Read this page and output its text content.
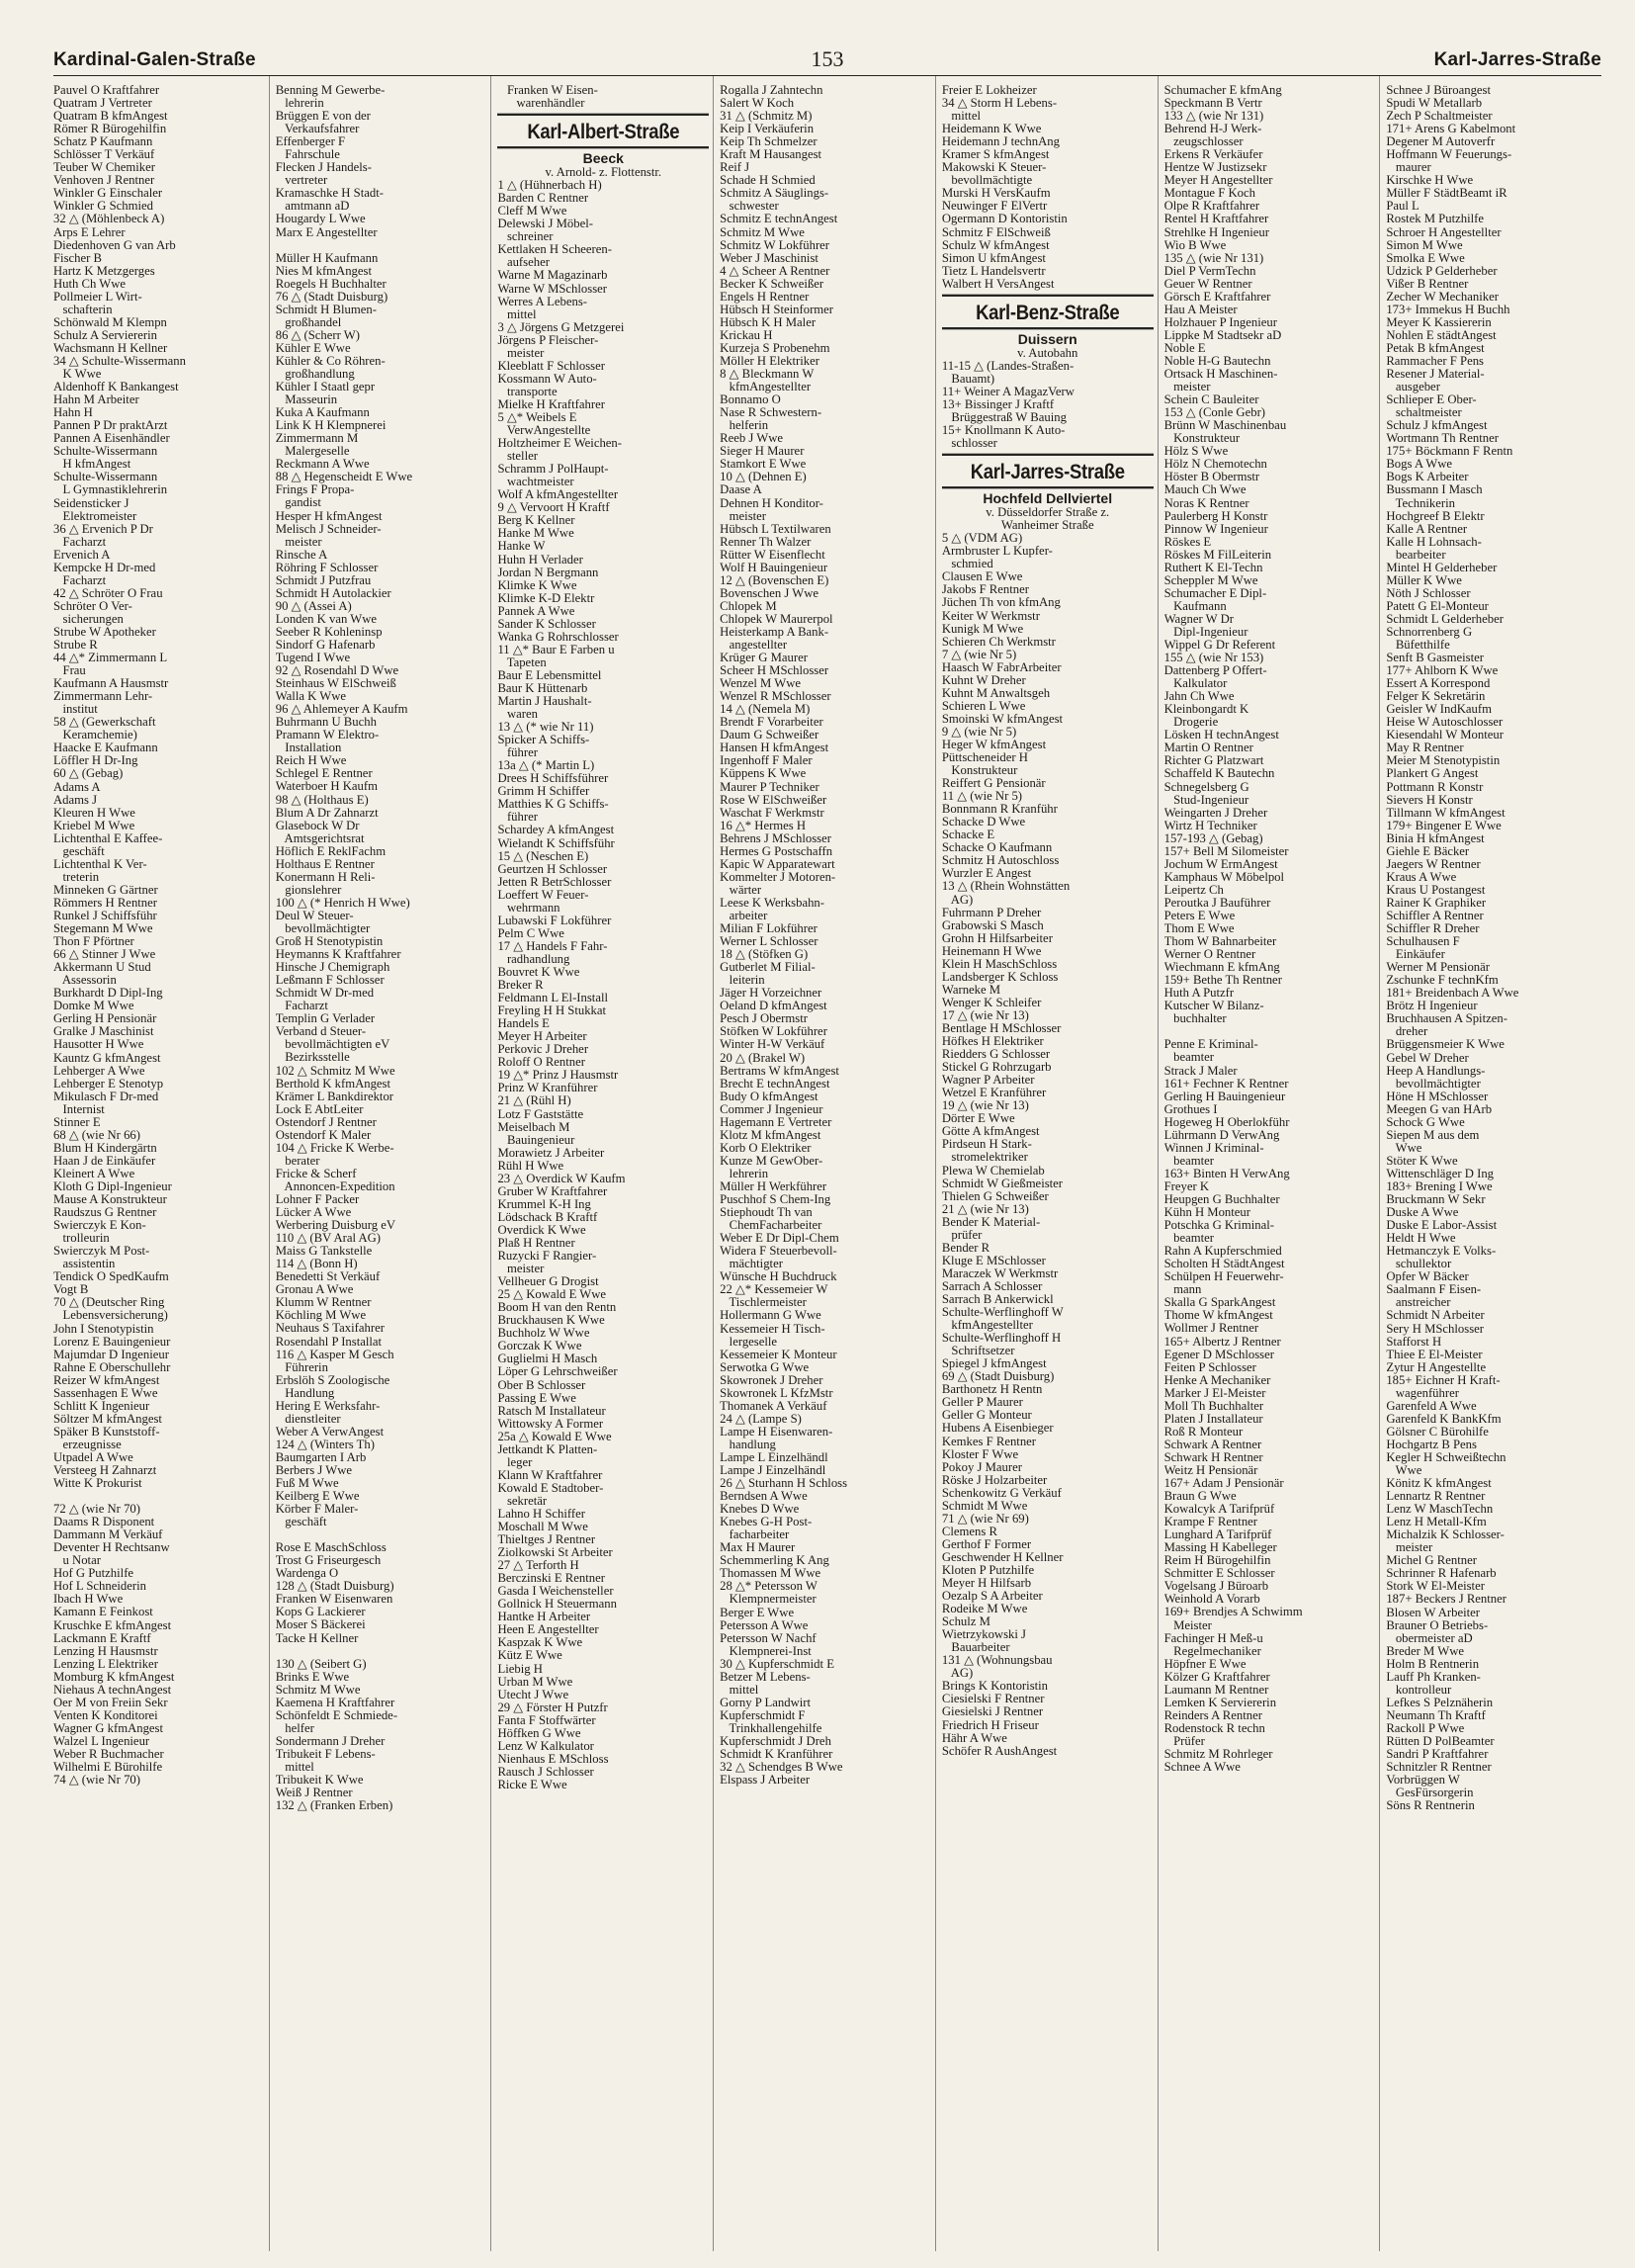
Kardinal-Galen-Straße	153	Karl-Jarres-Straße
Pauvel O Kraftfahrer
Quatram J Vertreter
Quatram B kfmAngest
Römer R Bürogehilfin
Schatz P Kaufmann
Schlösser T Verkäuf
Teuber W Chemiker
Venhoven J Rentner
Winkler G Einschaler
Winkler G Schmied
32 △ (Möhlenbeck A)
Arps E Lehrer
Diedenhoven G van Arb
Fischer B
Hartz K Metzgerges
Huth Ch Wwe
Pollmeier L Wirt-
schafterin
Schönwald M Klempn
Schulz A Serviererin
Wachsmann H Kellner
34 △ Schulte-Wissermann
K Wwe
Aldenhoff K Bankangest
Hahn M Arbeiter
Hahn H
Pannen P Dr praktArzt
Pannen A Eisenhändler
Schulte-Wissermann
H kfmAngest
Schulte-Wissermann
L Gymnastiklehrerin
Seidensticker J
Elektromeister
36 △ Ervenich P Dr
Facharzt
Ervenich A
Kempcke H Dr-med
Facharzt
42 △ Schröter O Frau
Schröter O Ver-
sicherungen
Strube W Apotheker
Strube R
44 △* Zimmermann L
Frau
Kaufmann A Hausmstr
Zimmermann Lehr-
institut
58 △ (Gewerkschaft
Keramchemie)
Haacke E Kaufmann
Löffler H Dr-Ing
60 △ (Gebag)
Adams A
Adams J
Kleuren H Wwe
Kriebel M Wwe
Lichtenthal E Kaffee-
geschäft
Lichtenthal K Ver-
treterin
Minneken G Gärtner
Römmers H Rentner
Runkel J Schiffsführ
Stegemann M Wwe
Thon F Pförtner
66 △ Stinner J Wwe
Akkermann U Stud
Assessorin
Burkhardt D Dipl-Ing
Domke M Wwe
Gerling H Pensionär
Gralke J Maschinist
Hausotter H Wwe
Kauntz G kfmAngest
Lehberger A Wwe
Lehberger E Stenotyp
Mikulasch F Dr-med
Internist
Stinner E
68 △ (wie Nr 66)
Blum H Kindergärtn
Haan J de Einkäufer
Kleinert A Wwe
Kloth G Dipl-Ingenieur
Mause A Konstrukteur
Raudszus G Rentner
Swierczyk E Kon-
trolleurin
Swierczyk M Post-
assistentin
Tendick O SpedKaufm
Vogt B
70 △ (Deutscher Ring
Lebensversicherung)
John I Stenotypistin
Lorenz E Bauingenieur
Majumdar D Ingenieur
Rahne E Oberschullehr
Reizer W kfmAngest
Sassenhagen E Wwe
Schlitt K Ingenieur
Söltzer M kfmAngest
Späker B Kunststoff-
erzeugnisse
Utpadel A Wwe
Versteeg H Zahnarzt
Witte K Prokurist
72 △ (wie Nr 70)
Daams R Disponent
Dammann M Verkäuf
Deventer H Rechtsanw
u Notar
Hof G Putzhilfe
Hof L Schneiderin
Ibach H Wwe
Kamann E Feinkost
Kruschke E kfmAngest
Lackmann E Kraftf
Lenzing H Hausmstr
Lenzing L Elektriker
Momburg K kfmAngest
Niehaus A technAngest
Oer M von Freiin Sekr
Venten K Konditorei
Wagner G kfmAngest
Walzel L Ingenieur
Weber R Buchmacher
Wilhelmi E Bürohilfe
74 △ (wie Nr 70)
Benning M Gewerbe-
lehrerin
Brüggen E von der
Verkaufsfahrer
Effenberger F
Fahrschule
Flecken J Handels-
vertreter
Kramaschke H Stadt-
amtmann aD
Hougardy L Wwe
Marx E Angestellter
Müller H Kaufmann
Nies M kfmAngest
Roegels H Buchhalter
76 △ (Stadt Duisburg)
Schmidt H Blumen-
großhandel
86 △ (Scherr W)
Kühler E Wwe
Kühler & Co Röhren-
großhandlung
Kühler I Staatl gepr
Masseurin
Kuka A Kaufmann
Link K H Klempnerei
Zimmermann M
Malergeselle
Reckmann A Wwe
88 △ Hegenscheidt E Wwe
Frings F Propa-
gandist
Hesper H kfmAngest
Melisch J Schneider-
meister
Rinsche A
Röhring F Schlosser
Schmidt J Putzfrau
Schmidt H Autolackier
90 △ (Assei A)
Londen K van Wwe
Seeber R Kohleninsp
Sindorf G Hafenarb
Tugend I Wwe
92 △ Rosendahl D Wwe
Steinhaus W ElSchweiß
Walla K Wwe
96 △ Ahlemeyer A Kaufm
Buhrmann U Buchh
Pramann W Elektro-
Installation
Reich H Wwe
Schlegel E Rentner
Waterboer H Kaufm
98 △ (Holthaus E)
Blum A Dr Zahnarzt
Glasebock W Dr
Amtsgerichtsrat
Höflich E ReklFachm
Holthaus E Rentner
Konermann H Reli-
gionslehrer
100 △ (* Henrich H Wwe)
Deul W Steuer-
bevollmächtigter
Groß H Stenotypistin
Heymanns K Kraftfahrer
Hinsche J Chemigraph
Leßmann F Schlosser
Schmidt W Dr-med
Facharzt
Templin G Verlader
Verband d Steuer-
bevollmächtigten eV
Bezirksstelle
102 △ Schmitz M Wwe
Berthold K kfmAngest
Krämer L Bankdirektor
Lock E AbtLeiter
Ostendorf J Rentner
Ostendorf K Maler
104 △ Fricke K Werbe-
berater
Fricke & Scherf
Annoncen-Expedition
Lohner F Packer
Lücker A Wwe
Werbering Duisburg eV
110 △ (BV Aral AG)
Maiss G Tankstelle
114 △ (Bonn H)
Benedetti St Verkäuf
Gronau A Wwe
Klumm W Rentner
Köchling M Wwe
Neuhaus S Taxifahrer
Rosendahl P Installat
116 △ Kasper M Gesch
Führerin
Erbslöh S Zoologische
Handlung
Hering E Werksfahr-
dienstleiter
Weber A VerwAngest
124 △ (Winters Th)
Baumgarten I Arb
Berbers J Wwe
Fuß M Wwe
Keilberg E Wwe
Körber F Maler-
geschäft
Rose E MaschSchloss
Trost G Friseurgesch
Wardenga O
128 △ (Stadt Duisburg)
Franken W Eisenwaren
Kops G Lackierer
Moser S Bäckerei
Tacke H Kellner
130 △ (Seibert G)
Brinks E Wwe
Schmitz M Wwe
Kaemena H Kraftfahrer
Schönfeldt E Schmiede-
helfer
Sondermann J Dreher
Tribukeit F Lebens-
mittel
Tribukeit K Wwe
Weiß J Rentner
132 △ (Franken Erben)
Franken W Eisen-
warenhändler
Karl-Albert-Straße
Beeck
v. Arnold- z. Flottenstr.
1 △ (Hühnerbach H)
Barden C Rentner
Cleff M Wwe
Delewski J Möbel-
schreiner
Kettlaken H Scheeren-
aufseher
Warne M Magazinarb
Warne W MSchlosser
Werres A Lebens-
mittel
3 △ Jörgens G Metzgerei
Jörgens P Fleischer-
meister
Kleeblatt F Schlosser
Kossmann W Auto-
transporte
Mielke H Kraftfahrer
5 △* Weibels E
VerwAngestellte
Holtzheimer E Weichen-
steller
Schramm J PolHaupt-
wachtmeister
Wolf A kfmAngestellter
9 △ Vervoort H Kraftf
Berg K Kellner
Hanke M Wwe
Hanke W
Huhn H Verlader
Jordan N Bergmann
Klimke K Wwe
Klimke K-D Elektr
Pannek A Wwe
Sander K Schlosser
Wanka G Rohrschlosser
11 △* Baur E Farben u
Tapeten
Baur E Lebensmittel
Baur K Hüttenarb
Martin J Haushalt-
waren
13 △ (* wie Nr 11)
Spicker A Schiffs-
führer
13a △ (* Martin L)
Drees H Schiffsführer
Grimm H Schiffer
Matthies K G Schiffs-
führer
Schardey A kfmAngest
Wielandt K Schiffsführ
15 △ (Neschen E)
Geurtzen H Schlosser
Jetten R BetrSchlosser
Loeffert W Feuer-
wehrmann
Lubawski F Lokführer
Pelm C Wwe
17 △ Handels F Fahr-
radhandlung
Bouvret K Wwe
Breker R
Feldmann L El-Install
Freyling H H Stukkat
Handels E
Meyer H Arbeiter
Perkovic J Dreher
Roloff O Rentner
19 △* Prinz J Hausmstr
Prinz W Kranführer
21 △ (Rühl H)
Lotz F Gaststätte
Meiselbach M
Bauingenieur
Morawietz J Arbeiter
Rühl H Wwe
23 △ Overdick W Kaufm
Gruber W Kraftfahrer
Krummel K-H Ing
Lödschack B Kraftf
Overdick K Wwe
Plaß H Rentner
Ruzycki F Rangier-
meister
Vellheuer G Drogist
25 △ Kowald E Wwe
Boom H van den Rentn
Bruckhausen K Wwe
Buchholz W Wwe
Gorczak K Wwe
Guglielmi H Masch
Löper G Lehrschweißer
Ober B Schlosser
Passing E Wwe
Ratsch M Installateur
Wittowsky A Former
25a △ Kowald E Wwe
Jettkandt K Platten-
leger
Klann W Kraftfahrer
Kowald E Stadtober-
sekretär
Lahno H Schiffer
Moschall M Wwe
Thieltges J Rentner
Ziolkowski St Arbeiter
27 △ Terforth H
Berczinski E Rentner
Gasda I Weichensteller
Gollnick H Steuermann
Hantke H Arbeiter
Heen E Angestellter
Kaspzak K Wwe
Kütz E Wwe
Liebig H
Urban M Wwe
Utecht J Wwe
29 △ Förster H Putzfr
Fanta F Stoffwärter
Höffken G Wwe
Lenz W Kalkulator
Nienhaus E MSchloss
Rausch J Schlosser
Ricke E Wwe
Rogalla J Zahntechn
Salert W Koch
31 △ (Schmitz M)
Keip I Verkäuferin
Keip Th Schmelzer
Kraft M Hausangest
Reif J
Schade H Schmied
Schmitz A Säuglings-
schwester
Schmitz E technAngest
Schmitz M Wwe
Schmitz W Lokführer
Weber J Maschinist
4 △ Scheer A Rentner
Becker K Schweißer
Engels H Rentner
Hübsch H Steinformer
Hübsch K H Maler
Krickau H
Kurzeja S Probenehm
Möller H Elektriker
8 △ Bleckmann W
kfmAngestellter
Bonnamo O
Nase R Schwestern-
helferin
Reeb J Wwe
Sieger H Maurer
Stamkort E Wwe
10 △ (Dehnen E)
Daase A
Dehnen H Konditor-
meister
Hübsch L Textilwaren
Renner Th Walzer
Rütter W Eisenflecht
Wolf H Bauingenieur
12 △ (Bovenschen E)
Bovenschen J Wwe
Chlopek M
Chlopek W Maurerpol
Heisterkamp A Bank-
angestellter
Krüger G Maurer
Scheer H MSchlosser
Wenzel M Wwe
Wenzel R MSchlosser
14 △ (Nemela M)
Brendt F Vorarbeiter
Daum G Schweißer
Hansen H kfmAngest
Ingenhoff F Maler
Küppens K Wwe
Maurer P Techniker
Rose W ElSchweißer
Waschat F Werkmstr
16 △* Hermes H
Behrens J MSchlosser
Hermes G Postschaffn
Kapic W Apparatewart
Kommelter J Motoren-
wärter
Leese K Werksbahn-
arbeiter
Milian F Lokführer
Werner L Schlosser
18 △ (Stöfken G)
Gutberlet M Filial-
leiterin
Jäger H Vorzeichner
Oeland D kfmAngest
Pesch J Obermstr
Stöfken W Lokführer
Winter H-W Verkäuf
20 △ (Brakel W)
Bertrams W kfmAngest
Brecht E technAngest
Budy O kfmAngest
Commer J Ingenieur
Hagemann E Vertreter
Klotz M kfmAngest
Korb O Elektriker
Kunze M GewOber-
lehrerin
Müller H Werkführer
Puschhof S Chem-Ing
Stiephoudt Th van
ChemFacharbeiter
Weber E Dr Dipl-Chem
Widera F Steuerbevoll-
mächtigter
Wünsche H Buchdruck
22 △* Kessemeier W
Tischlermeister
Hollermann G Wwe
Kessemeier H Tisch-
lergeselle
Kessemeier K Monteur
Serwotka G Wwe
Skowronek J Dreher
Skowronek L KfzMstr
Thomanek A Verkäuf
24 △ (Lampe S)
Lampe H Eisenwaren-
handlung
Lampe L Einzelhändl
Lampe J Einzelhändl
26 △ Sturhann H Schloss
Berndsen A Wwe
Knebes D Wwe
Knebes G-H Post-
facharbeiter
Max H Maurer
Schemmerling K Ang
Thomassen M Wwe
28 △* Petersson W
Klempnermeister
Berger E Wwe
Petersson A Wwe
Petersson W Nachf
Klempnerei-Inst
30 △ Kupferschmidt E
Betzer M Lebens-
mittel
Gorny P Landwirt
Kupferschmidt F
Trinkhallengehilfe
Kupferschmidt J Dreh
Schmidt K Kranführer
32 △ Schendges B Wwe
Elspass J Arbeiter
Freier E Lokheizer
34 △ Storm H Lebens-
mittel
Heidemann K Wwe
Heidemann J technAng
Kramer S kfmAngest
Makowski K Steuer-
bevollmächtigte
Murski H VersKaufm
Neuwinger F ElVertr
Ogermann D Kontoristin
Schmitz F ElSchweiß
Schulz W kfmAngest
Simon U kfmAngest
Tietz L Handelsvertr
Walbert H VersAngest
Karl-Benz-Straße
Duissern
v. Autobahn
11-15 △ (Landes-Straßen-
Bauamt)
11+ Weiner A MagazVerw
13+ Bissinger J Kraftf
Brüggestraß W Bauing
15+ Knollmann K Auto-
schlosser
Karl-Jarres-Straße
Hochfeld Dellviertel
v. Düsseldorfer Straße z.
Wanheimer Straße
5 △ (VDM AG)
Armbruster L Kupfer-
schmied
Clausen E Wwe
Jakobs F Rentner
Jüchen Th von kfmAng
Keiter W Werkmstr
Kunigk M Wwe
Schieren Ch Werkmstr
7 △ (wie Nr 5)
Haasch W FabrArbeiter
Kuhnt W Dreher
Kuhnt M Anwaltsgeh
Schieren L Wwe
Smoinski W kfmAngest
9 △ (wie Nr 5)
Heger W kfmAngest
Püttscheneider H
Konstrukteur
Reiffert G Pensionär
11 △ (wie Nr 5)
Bonnmann R Kranführ
Schacke D Wwe
Schacke E
Schacke O Kaufmann
Schmitz H Autoschloss
Wurzler E Angest
13 △ (Rhein Wohnstätten
AG)
Fuhrmann P Dreher
Grabowski S Masch
Grohn H Hilfsarbeiter
Heinemann H Wwe
Klein H MaschSchloss
Landsberger K Schloss
Warneke M
Wenger K Schleifer
17 △ (wie Nr 13)
Bentlage H MSchlosser
Höfkes H Elektriker
Riedders G Schlosser
Stickel G Rohrzugarb
Wagner P Arbeiter
Wetzel E Kranführer
19 △ (wie Nr 13)
Dörter E Wwe
Götte A kfmAngest
Pirdseun H Stark-
stromelektriker
Plewa W Chemielab
Schmidt W Gießmeister
Thielen G Schweißer
21 △ (wie Nr 13)
Bender K Material-
prüfer
Bender R
Kluge E MSchlosser
Maraczek W Werkmstr
Sarrach A Schlosser
Sarrach B Ankerwickl
Schulte-Werflinghoff W
kfmAngestellter
Schulte-Werflinghoff H
Schriftsetzer
Spiegel J kfmAngest
69 △ (Stadt Duisburg)
Barthonetz H Rentn
Geller P Maurer
Geller G Monteur
Hubens A Eisenbieger
Kemkes F Rentner
Kloster F Wwe
Pokoy J Maurer
Röske J Holzarbeiter
Schenkowitz G Verkäuf
Schmidt M Wwe
71 △ (wie Nr 69)
Clemens R
Gerthof F Former
Geschwender H Kellner
Kloten P Putzhilfe
Meyer H Hilfsarb
Oezalp S A Arbeiter
Rodeike M Wwe
Schulz M
Wietrzykowski J
Bauarbeiter
131 △ (Wohnungsbau
AG)
Brings K Kontoristin
Ciesielski F Rentner
Giesielski J Rentner
Friedrich H Friseur
Hähr A Wwe
Schöfer R AushAngest
Schumacher E kfmAng
Speckmann B Vertr
133 △ (wie Nr 131)
Behrend H-J Werk-
zeugschlosser
Erkens R Verkäufer
Hentze W Justizsekr
Meyer H Angestellter
Montague F Koch
Olpe R Kraftfahrer
Rentel H Kraftfahrer
Strehlke H Ingenieur
Wio B Wwe
135 △ (wie Nr 131)
Diel P VermTechn
Geuer W Rentner
Görsch E Kraftfahrer
Hau A Meister
Holzhauer P Ingenieur
Lippke M Stadtsekr aD
Noble E
Noble H-G Bautechn
Ortsack H Maschinen-
meister
Schein C Bauleiter
153 △ (Conle Gebr)
Brünn W Maschinenbau
Konstrukteur
Hölz S Wwe
Hölz N Chemotechn
Höster B Obermstr
Mauch Ch Wwe
Noras K Rentner
Paulerberg H Konstr
Pinnow W Ingenieur
Röskes E
Röskes M FilLeiterin
Ruthert K El-Techn
Scheppler M Wwe
Schumacher E Dipl-
Kaufmann
Wagner W Dr
Dipl-Ingenieur
Wippel G Dr Referent
155 △ (wie Nr 153)
Dattenberg P Offert-
Kalkulator
Jahn Ch Wwe
Kleinbongardt K
Drogerie
Lösken H technAngest
Martin O Rentner
Richter G Platzwart
Schaffeld K Bautechn
Schnegelsberg G
Stud-Ingenieur
Weingarten J Dreher
Wirtz H Techniker
157-193 △ (Gebag)
157+ Bell M Silomeister
Jochum W ErmAngest
Kamphaus W Möbelpol
Leipertz Ch
Peroutka J Bauführer
Peters E Wwe
Thom E Wwe
Thom W Bahnarbeiter
Werner O Rentner
Wiechmann E kfmAng
159+ Bethe Th Rentner
Huth A Putzfr
Kutscher W Bilanz-
buchhalter
Penne E Kriminal-
beamter
Strack J Maler
161+ Fechner K Rentner
Gerling H Bauingenieur
Grothues I
Hogeweg H Oberlokführ
Lührmann D VerwAng
Winnen J Kriminal-
beamter
163+ Binten H VerwAng
Freyer K
Heupgen G Buchhalter
Kühn H Monteur
Potschka G Kriminal-
beamter
Rahn A Kupferschmied
Scholten H StädtAngest
Schülpen H Feuerwehr-
mann
Skalla G SparkAngest
Thome W kfmAngest
Wollmer J Rentner
165+ Albertz J Rentner
Egener D MSchlosser
Feiten P Schlosser
Henke A Mechaniker
Marker J El-Meister
Moll Th Buchhalter
Platen J Installateur
Roß R Monteur
Schwark A Rentner
Schwark H Rentner
Weitz H Pensionär
167+ Adam J Pensionär
Braun G Wwe
Kowalcyk A Tarifprüf
Krampe F Rentner
Lunghard A Tarifprüf
Massing H Kabelleger
Reim H Bürogehilfin
Schmitter E Schlosser
Vogelsang J Büroarb
Weinhold A Vorarb
169+ Brendjes A Schwimm
Meister
Fachinger H Meß-u
Regelmechaniker
Höpfner E Wwe
Kölzer G Kraftfahrer
Laumann M Rentner
Lemken K Serviererin
Reinders A Rentner
Rodenstock R techn
Prüfer
Schmitz M Rohrleger
Schnee A Wwe
Schnee J Büroangest
Spudi W Metallarb
Zech P Schaltmeister
171+ Arens G Kabelmont
Degener M Autoverfr
Hoffmann W Feuerungs-
maurer
Kirschke H Wwe
Müller F StädtBeamt iR
Paul L
Rostek M Putzhilfe
Schroer H Angestellter
Simon M Wwe
Smolka E Wwe
Udzick P Gelderheber
Vißer B Rentner
Zecher W Mechaniker
173+ Immekus H Buchh
Meyer K Kassiererin
Nohlen E städtAngest
Petak B kfmAngest
Rammacher F Pens
Resener J Material-
ausgeber
Schlieper E Ober-
schaltmeister
Schulz J kfmAngest
Wortmann Th Rentner
175+ Böckmann F Rentn
Bogs A Wwe
Bogs K Arbeiter
Bussmann I Masch
Technikerin
Hochgreef B Elektr
Kalle A Rentner
Kalle H Lohnsach-
bearbeiter
Mintel H Gelderheber
Müller K Wwe
Nöth J Schlosser
Patett G El-Monteur
Schmidt L Gelderheber
Schnorrenberg G
Büfetthilfe
Senft B Gasmeister
177+ Ahlborn K Wwe
Essert A Korrespond
Felger K Sekretärin
Geisler W IndKaufm
Heise W Autoschlosser
Kiesendahl W Monteur
May R Rentner
Meier M Stenotypistin
Plankert G Angest
Pottmann R Konstr
Sievers H Konstr
Tillmann W kfmAngest
179+ Bingener E Wwe
Binia H kfmAngest
Giehle E Bäcker
Jaegers W Rentner
Kraus A Wwe
Kraus U Postangest
Rainer K Graphiker
Schiffler A Rentner
Schiffler R Dreher
Schulhausen F
Einkäufer
Werner M Pensionär
Zschunke F technKfm
181+ Breidenbach A Wwe
Brötz H Ingenieur
Bruchhausen A Spitzen-
dreher
Brüggensmeier K Wwe
Gebel W Dreher
Heep A Handlungs-
bevollmächtigter
Höne H MSchlosser
Meegen G van HArb
Schock G Wwe
Siepen M aus dem
Wwe
Stöter K Wwe
Wittenschläger D Ing
183+ Brening I Wwe
Bruckmann W Sekr
Duske A Wwe
Duske E Labor-Assist
Heldt H Wwe
Hetmanczyk E Volks-
schullektor
Opfer W Bäcker
Saalmann F Eisen-
anstreicher
Schmidt N Arbeiter
Sery H MSchlosser
Stafforst H
Thiee E El-Meister
Zytur H Angestellte
185+ Eichner H Kraft-
wagenführer
Garenfeld A Wwe
Garenfeld K BankKfm
Gölsner C Bürohilfe
Hochgartz B Pens
Kegler H Schweißtechn
Wwe
Könitz K kfmAngest
Lennartz R Rentner
Lenz W MaschTechn
Lenz H Metall-Kfm
Michalzik K Schlosser-
meister
Michel G Rentner
Schrinner R Hafenarb
Stork W El-Meister
187+ Beckers J Rentner
Blosen W Arbeiter
Brauner O Betriebs-
obermeister aD
Breder M Wwe
Holm B Rentnerin
Lauff Ph Kranken-
kontrolleur
Lefkes S Pelznäherin
Neumann Th Kraftf
Rackoll P Wwe
Rütten D PolBeamter
Sandri P Kraftfahrer
Schnitzler R Rentner
Vorbrüggen W
GesFürsorgerin
Söns R Rentnerin
